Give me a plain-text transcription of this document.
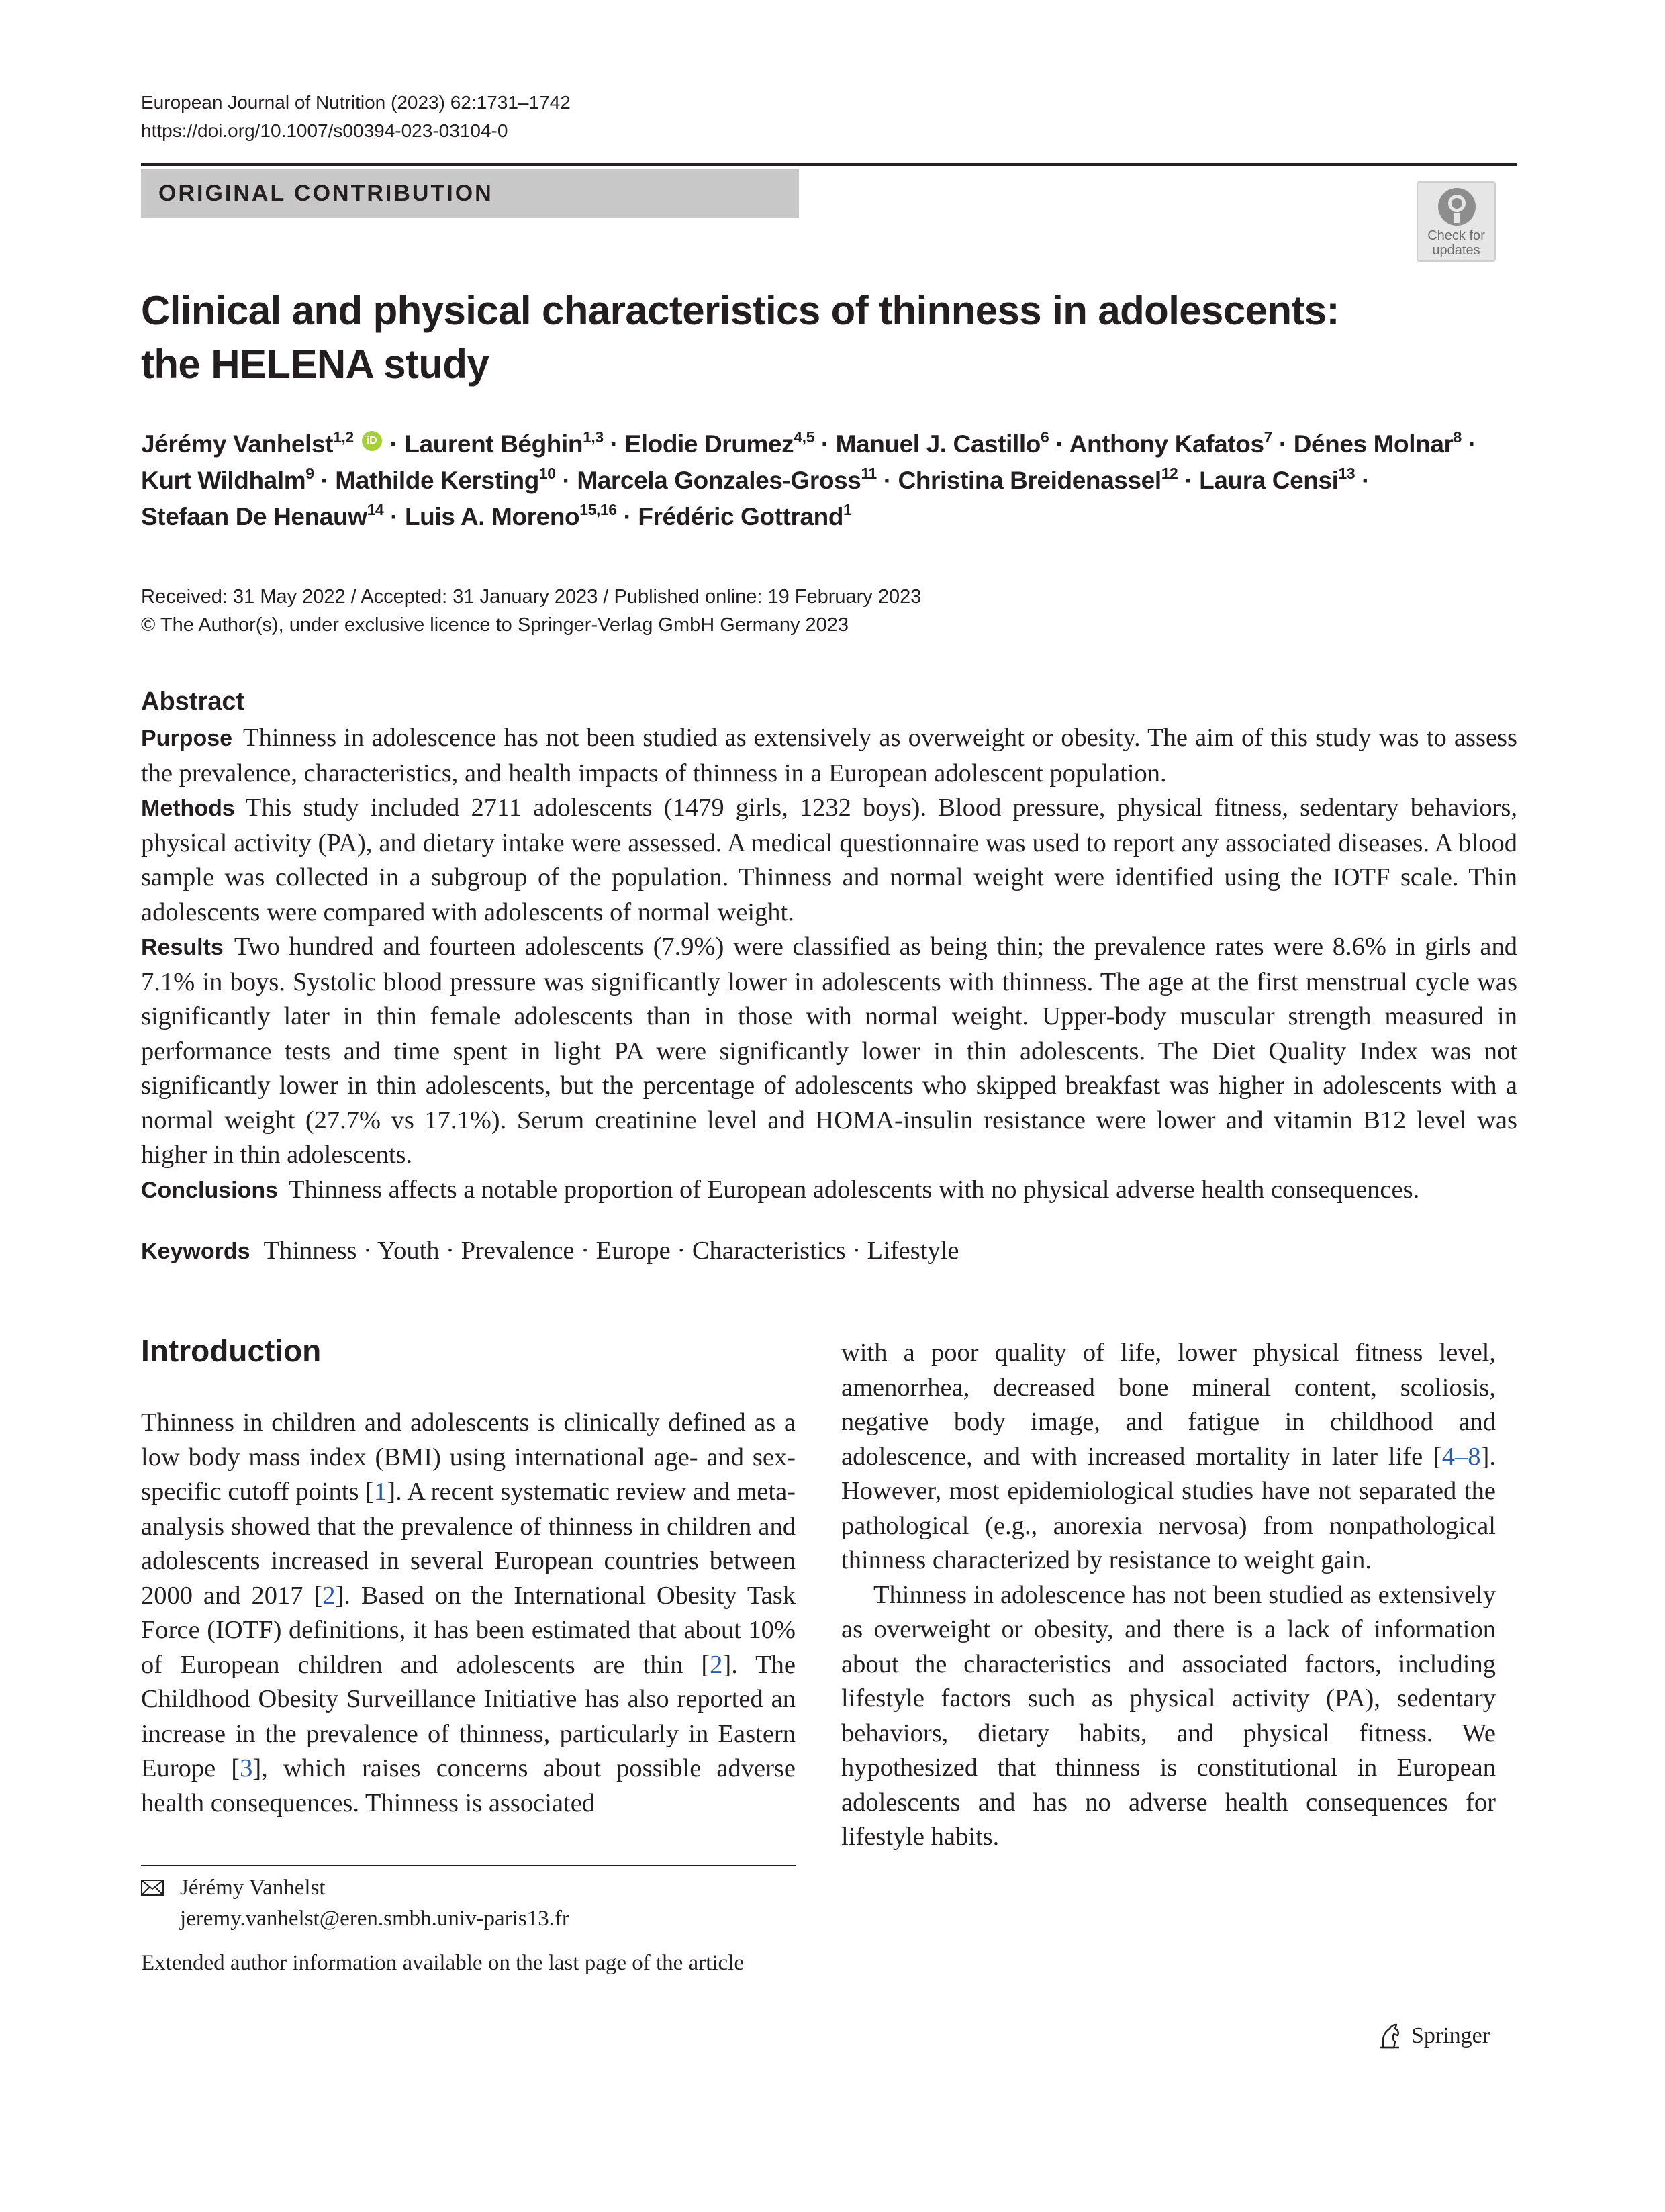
European Journal of Nutrition (2023) 62:1731–1742
https://doi.org/10.1007/s00394-023-03104-0
ORIGINAL CONTRIBUTION
Check for
updates
Clinical and physical characteristics of thinness in adolescents:
the HELENA study
Jérémy Vanhelst$^{1,2}$ iD · Laurent Béghin$^{1,3}$ · Elodie Drumez$^{4,5}$ · Manuel J. Castillo$^6$ · Anthony Kafatos$^7$ · Dénes Molnar$^8$ ·
Kurt Wildhalm$^9$ · Mathilde Kersting$^{10}$ · Marcela Gonzales-Gross$^{11}$ · Christina Breidenassel$^{12}$ · Laura Censi$^{13}$ ·
Stefaan De Henauw$^{14}$ · Luis A. Moreno$^{15,16}$ · Frédéric Gottrand$^1$
Received: 31 May 2022 / Accepted: 31 January 2023 / Published online: 19 February 2023
© The Author(s), under exclusive licence to Springer-Verlag GmbH Germany 2023
Abstract

Purpose Thinness in adolescence has not been studied as extensively as overweight or obesity. The aim of this study was to assess the prevalence, characteristics, and health impacts of thinness in a European adolescent population.

Methods This study included 2711 adolescents (1479 girls, 1232 boys). Blood pressure, physical fitness, sedentary behaviors, physical activity (PA), and dietary intake were assessed. A medical questionnaire was used to report any associated diseases. A blood sample was collected in a subgroup of the population. Thinness and normal weight were identified using the IOTF scale. Thin adolescents were compared with adolescents of normal weight.

Results Two hundred and fourteen adolescents (7.9%) were classified as being thin; the prevalence rates were 8.6% in girls and 7.1% in boys. Systolic blood pressure was significantly lower in adolescents with thinness. The age at the first menstrual cycle was significantly later in thin female adolescents than in those with normal weight. Upper-body muscular strength measured in performance tests and time spent in light PA were significantly lower in thin adolescents. The Diet Quality Index was not significantly lower in thin adolescents, but the percentage of adolescents who skipped breakfast was higher in adolescents with a normal weight (27.7% vs 17.1%). Serum creatinine level and HOMA-insulin resistance were lower and vitamin B12 level was higher in thin adolescents.

Conclusions Thinness affects a notable proportion of European adolescents with no physical adverse health consequences.

Keywords Thinness · Youth · Prevalence · Europe · Characteristics · Lifestyle
Introduction

Thinness in children and adolescents is clinically defined as a low body mass index (BMI) using international age- and sex-specific cutoff points [1]. A recent systematic review and meta-analysis showed that the prevalence of thinness in children and adolescents increased in several European countries between 2000 and 2017 [2]. Based on the International Obesity Task Force (IOTF) definitions, it has been estimated that about 10% of European children and adolescents are thin [2]. The Childhood Obesity Surveillance Initiative has also reported an increase in the prevalence of thinness, particularly in Eastern Europe [3], which raises concerns about possible adverse health consequences. Thinness is associated

with a poor quality of life, lower physical fitness level, amenorrhea, decreased bone mineral content, scoliosis, negative body image, and fatigue in childhood and adolescence, and with increased mortality in later life [4–8]. However, most epidemiological studies have not separated the pathological (e.g., anorexia nervosa) from nonpathological thinness characterized by resistance to weight gain.

Thinness in adolescence has not been studied as extensively as overweight or obesity, and there is a lack of information about the characteristics and associated factors, including lifestyle factors such as physical activity (PA), sedentary behaviors, dietary habits, and physical fitness. We hypothesized that thinness is constitutional in European adolescents and has no adverse health consequences for lifestyle habits.

Jérémy Vanhelst
jeremy.vanhelst@eren.smbh.univ-paris13.fr
Extended author information available on the last page of the article
Springer
